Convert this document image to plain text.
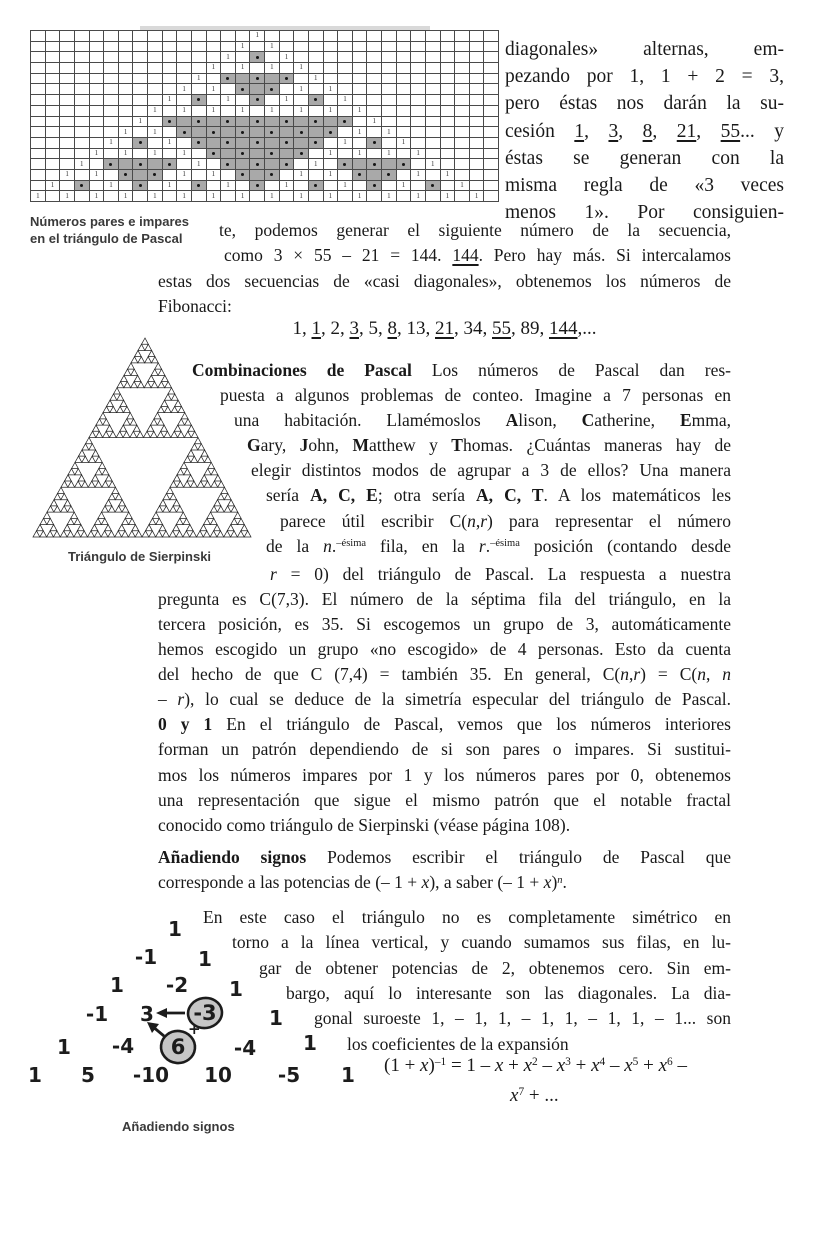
1
1	1
1	1
1	1	1	1
1	1
1	1	1	1
1	1	1	1
1	1	1	1	1	1	1	1
1	1
1	1	1	1
1	1	1	1
1	1	1	1	1	1	1	1
1	1	1	1
1	1	1	1	1	1	1	1
1	1	1	1	1	1	1	1
1	1	1	1	1	1	1	1	1	1	1	1	1	1	1	1
Números pares e impares
en el triángulo de Pascal
Triángulo de Sierpinski
diagonales» alternas, em-
pezando por 1, 1 + 2 = 3,
pero éstas nos darán la su-
cesión 1, 3, 8, 21, 55... y
éstas se generan con la
misma regla de «3 veces
menos 1». Por consiguien-
te, podemos generar el siguiente número de la secuencia,
como 3 × 55 – 21 = 144. 144. Pero hay más. Si intercalamos
estas dos secuencias de «casi diagonales», obtenemos los números de
Fibonacci:
1, 1, 2, 3, 5, 8, 13, 21, 34, 55, 89, 144,...
Combinaciones de Pascal Los números de Pascal dan res-
puesta a algunos problemas de conteo. Imagine a 7 personas en
una habitación. Llamémoslos Alison, Catherine, Emma,
Gary, John, Matthew y Thomas. ¿Cuántas maneras hay de
elegir distintos modos de agrupar a 3 de ellos? Una manera
sería A, C, E; otra sería A, C, T. A los matemáticos les
parece útil escribir C(n,r) para representar el número
de la n.$^{-ésima}$ fila, en la r.$^{-ésima}$ posición (contando desde
r = 0) del triángulo de Pascal. La respuesta a nuestra
pregunta es C(7,3). El número de la séptima fila del triángulo, en la
tercera posición, es 35. Si escogemos un grupo de 3, automáticamente
hemos escogido un grupo «no escogido» de 4 personas. Esto da cuenta
del hecho de que C (7,4) = también 35. En general, C(n,r) = C(n, n
– r), lo cual se deduce de la simetría especular del triángulo de Pascal.
0 y 1 En el triángulo de Pascal, vemos que los números interiores
forman un patrón dependiendo de si son pares o impares. Si sustitui-
mos los números impares por 1 y los números pares por 0, obtenemos
una representación que sigue el mismo patrón que el notable fractal
conocido como triángulo de Sierpinski (véase página 108).
Añadiendo signos Podemos escribir el triángulo de Pascal que
corresponde a las potencias de (– 1 + x), a saber (– 1 + x)$^n$.
En este caso el triángulo no es completamente simétrico en
torno a la línea vertical, y cuando sumamos sus filas, en lu-
gar de obtener potencias de 2, obtenemos cero. Sin em-
bargo, aquí lo interesante son las diagonales. La dia-
gonal suroeste 1, – 1, 1, – 1, 1, – 1, 1, – 1... son
los coeficientes de la expansión
$(1 + x)^{-1} = 1 - x + x^2 - x^3 + x^4 - x^5 + x^6$ –
$x^7$ + ...
+
1
-1 1
1 -2 1
-1 3 -3	1
1 -4 6 -4 1
1 5 -10 10 -5 1
Añadiendo signos
